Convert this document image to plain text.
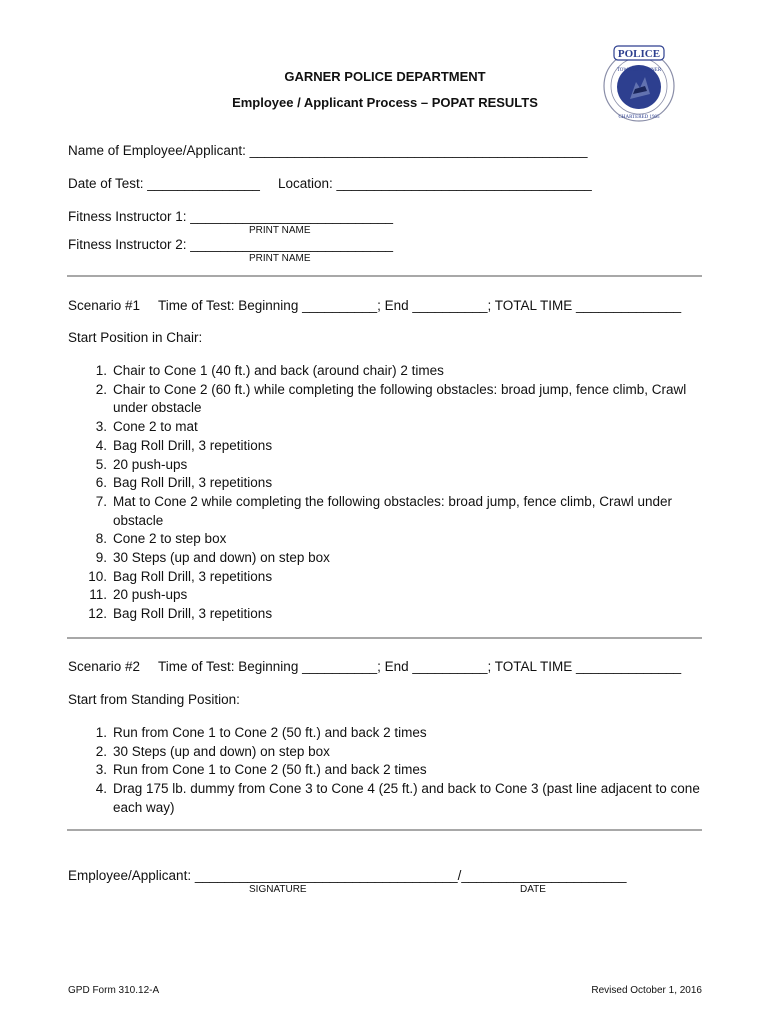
GARNER POLICE DEPARTMENT
Employee / Applicant Process – POPAT RESULTS
POLICE
TOWN OF GARNER
CHARTERED 1905
Name of Employee/Applicant: _____________________________________________
Date of Test: _______________ Location: __________________________________
Fitness Instructor 1: ___________________________
PRINT NAME
Fitness Instructor 2: ___________________________
PRINT NAME
Scenario #1 Time of Test: Beginning __________; End __________; TOTAL TIME ______________
Start Position in Chair:
1. Chair to Cone 1 (40 ft.) and back (around chair) 2 times
2. Chair to Cone 2 (60 ft.) while completing the following obstacles: broad jump, fence climb, Crawl under obstacle
3. Cone 2 to mat
4. Bag Roll Drill, 3 repetitions
5. 20 push-ups
6. Bag Roll Drill, 3 repetitions
7. Mat to Cone 2 while completing the following obstacles: broad jump, fence climb, Crawl under obstacle
8. Cone 2 to step box
9. 30 Steps (up and down) on step box
10. Bag Roll Drill, 3 repetitions
11. 20 push-ups
12. Bag Roll Drill, 3 repetitions
Scenario #2 Time of Test: Beginning __________; End __________; TOTAL TIME ______________
Start from Standing Position:
1. Run from Cone 1 to Cone 2 (50 ft.) and back 2 times
2. 30 Steps (up and down) on step box
3. Run from Cone 1 to Cone 2 (50 ft.) and back 2 times
4. Drag 175 lb. dummy from Cone 3 to Cone 4 (25 ft.) and back to Cone 3 (past line adjacent to cone each way)
Employee/Applicant: ___________________________________/______________________
SIGNATURE	DATE
GPD Form 310.12-A	Revised October 1, 2016
